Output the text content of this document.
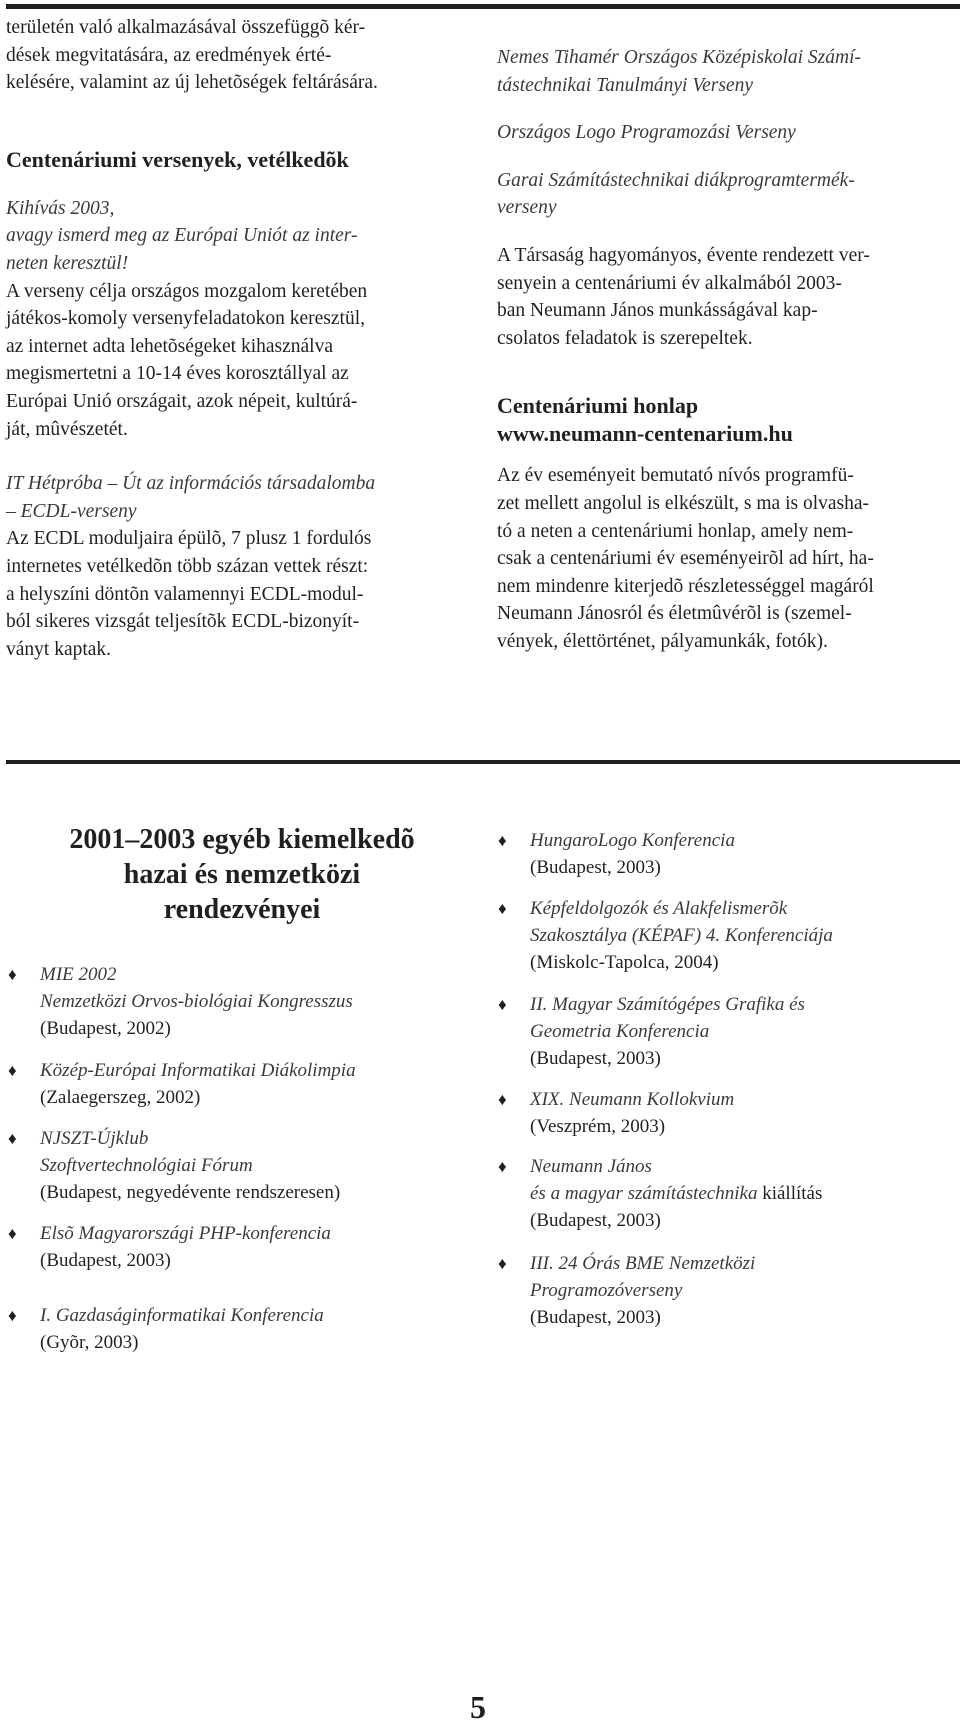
területén való alkalmazásával összefüggõ kér-

dések megvitatására, az eredmények érté-

kelésére, valamint az új lehetõségek feltárására.

Centenáriumi versenyek, vetélkedõk

Kihívás 2003,

avagy ismerd meg az Európai Uniót az inter-

neten keresztül!

A verseny célja országos mozgalom keretében

játékos-komoly versenyfeladatokon keresztül,

az internet adta lehetõségeket kihasználva

megismertetni a 10-14 éves korosztállyal az

Európai Unió országait, azok népeit, kultúrá-

ját, mûvészetét.

IT Hétpróba – Út az információs társadalomba

– ECDL-verseny

Az ECDL moduljaira épülõ, 7 plusz 1 fordulós

internetes vetélkedõn több százan vettek részt:

a helyszíni döntõn valamennyi ECDL-modul-

ból sikeres vizsgát teljesítõk ECDL-bizonyít-

ványt kaptak.

Nemes Tihamér Országos Középiskolai Számí-

tástechnikai Tanulmányi Verseny

Országos Logo Programozási Verseny

Garai Számítástechnikai diákprogramtermék-

verseny

A Társaság hagyományos, évente rendezett ver-

senyein a centenáriumi év alkalmából 2003-

ban Neumann János munkásságával kap-

csolatos feladatok is szerepeltek.

Centenáriumi honlap

www.neumann-centenarium.hu

Az év eseményeit bemutató nívós programfü-

zet mellett angolul is elkészült, s ma is olvasha-

tó a neten a centenáriumi honlap, amely nem-

csak a centenáriumi év eseményeirõl ad hírt, ha-

nem mindenre kiterjedõ részletességgel magáról

Neumann Jánosról és életmûvérõl is (szemel-

vények, élettörténet, pályamunkák, fotók).

2001–2003 egyéb kiemelkedõ
hazai és nemzetközi
rendezvényei
♦ MIE 2002
Nemzetközi Orvos-biológiai Kongresszus
(Budapest, 2002)
♦ Közép-Európai Informatikai Diákolimpia
(Zalaegerszeg, 2002)
♦ NJSZT-Újklub
Szoftvertechnológiai Fórum
(Budapest, negyedévente rendszeresen)
♦ Elsõ Magyarországi PHP-konferencia
(Budapest, 2003)
♦ I. Gazdaságinformatikai Konferencia
(Gyõr, 2003)
♦ HungaroLogo Konferencia
(Budapest, 2003)
♦ Képfeldolgozók és Alakfelismerõk
Szakosztálya (KÉPAF) 4. Konferenciája
(Miskolc-Tapolca, 2004)
♦ II. Magyar Számítógépes Grafika és
Geometria Konferencia
(Budapest, 2003)
♦ XIX. Neumann Kollokvium
(Veszprém, 2003)
♦ Neumann János
és a magyar számítástechnika kiállítás
(Budapest, 2003)
♦ III. 24 Órás BME Nemzetközi
Programozóverseny
(Budapest, 2003)
5
